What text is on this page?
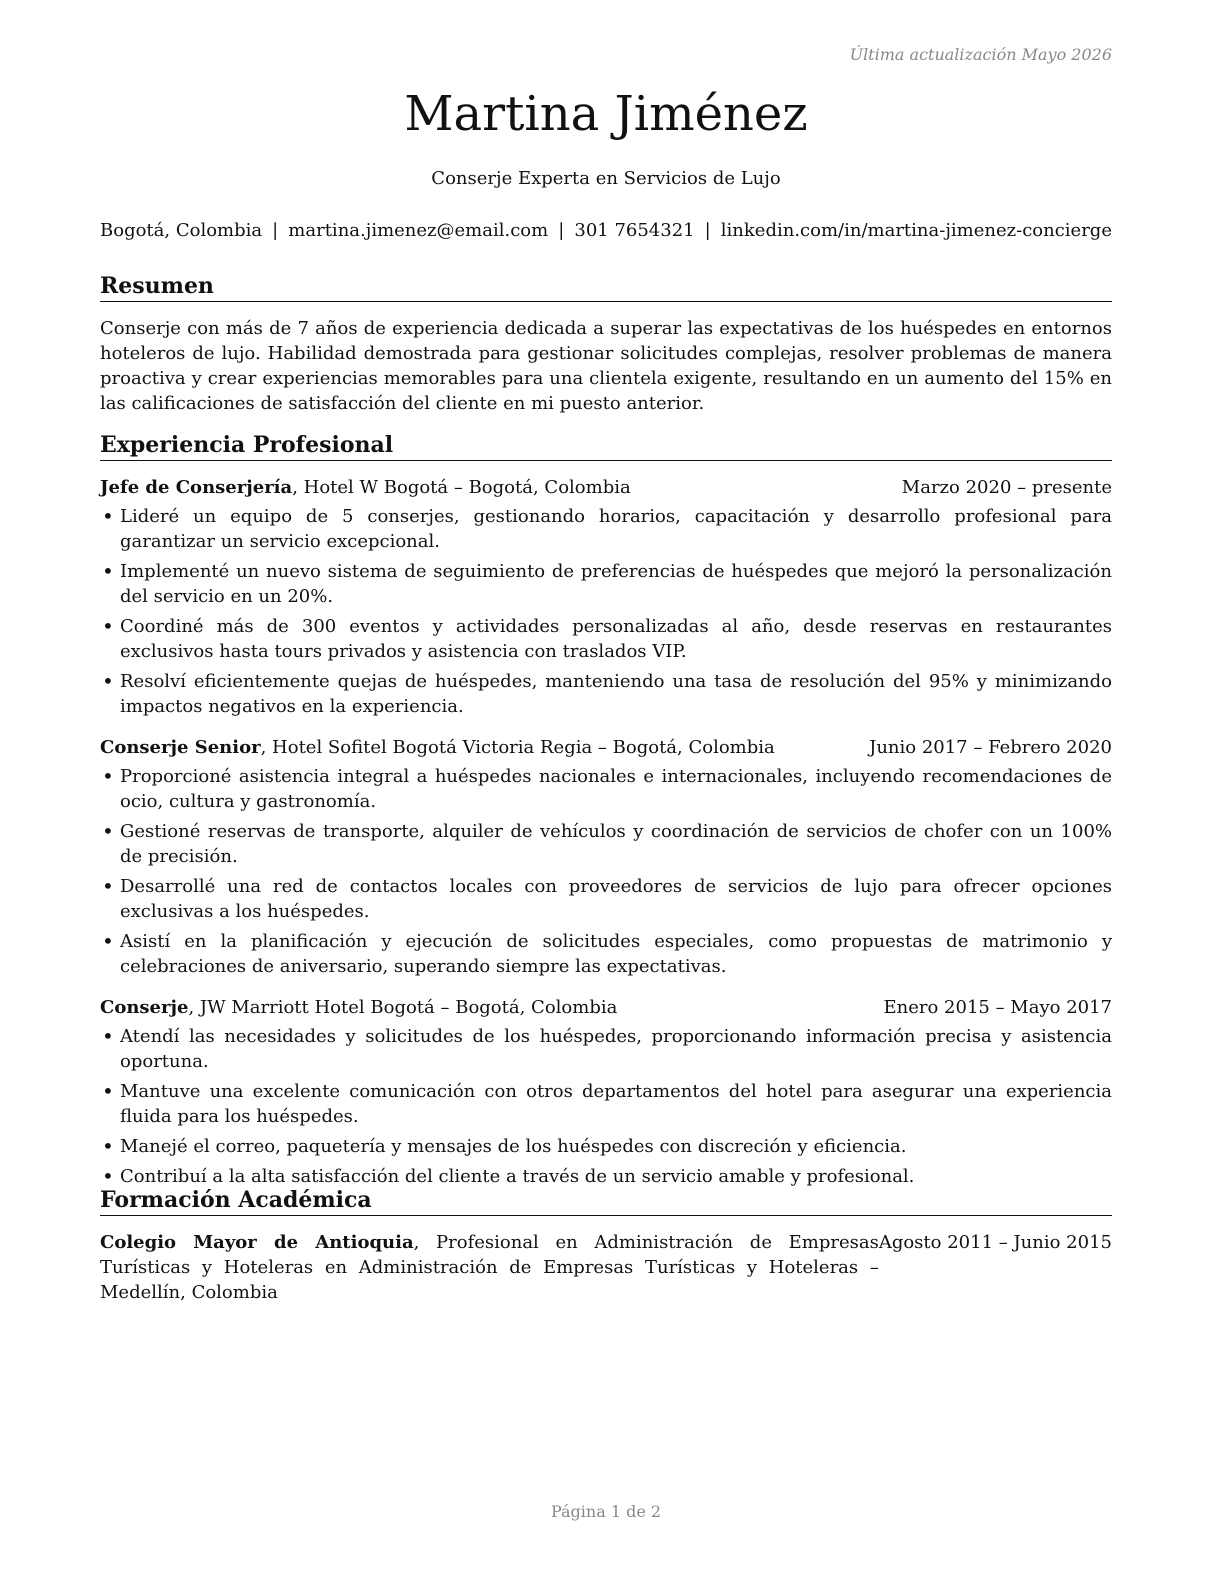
Última actualización Mayo 2026
Martina Jiménez
Conserje Experta en Servicios de Lujo
Bogotá, Colombia | martina.jimenez@email.com | 301 7654321 | linkedin.com/in/martina-jimenez-concierge
Resumen

Conserje con más de 7 años de experiencia dedicada a superar las expectativas de los huéspedes en entornos hoteleros de lujo. Habilidad demostrada para gestionar solicitudes complejas, resolver problemas de manera proactiva y crear experiencias memorables para una clientela exigente, resultando en un aumento del 15% en las calificaciones de satisfacción del cliente en mi puesto anterior.

Experiencia Profesional
Jefe de Conserjería, Hotel W Bogotá – Bogotá, Colombia	Marzo 2020 – presente
• Lideré un equipo de 5 conserjes, gestionando horarios, capacitación y desarrollo profesional para garantizar un servicio excepcional.
• Implementé un nuevo sistema de seguimiento de preferencias de huéspedes que mejoró la personalización del servicio en un 20%.
• Coordiné más de 300 eventos y actividades personalizadas al año, desde reservas en restaurantes exclusivos hasta tours privados y asistencia con traslados VIP.
• Resolví eficientemente quejas de huéspedes, manteniendo una tasa de resolución del 95% y minimizando impactos negativos en la experiencia.
Conserje Senior, Hotel Sofitel Bogotá Victoria Regia – Bogotá, Colombia	Junio 2017 – Febrero 2020
• Proporcioné asistencia integral a huéspedes nacionales e internacionales, incluyendo recomendaciones de ocio, cultura y gastronomía.
• Gestioné reservas de transporte, alquiler de vehículos y coordinación de servicios de chofer con un 100% de precisión.
• Desarrollé una red de contactos locales con proveedores de servicios de lujo para ofrecer opciones exclusivas a los huéspedes.
• Asistí en la planificación y ejecución de solicitudes especiales, como propuestas de matrimonio y celebraciones de aniversario, superando siempre las expectativas.
Conserje, JW Marriott Hotel Bogotá – Bogotá, Colombia	Enero 2015 – Mayo 2017
• Atendí las necesidades y solicitudes de los huéspedes, proporcionando información precisa y asistencia oportuna.
• Mantuve una excelente comunicación con otros departamentos del hotel para asegurar una experiencia fluida para los huéspedes.
• Manejé el correo, paquetería y mensajes de los huéspedes con discreción y eficiencia.
• Contribuí a la alta satisfacción del cliente a través de un servicio amable y profesional.
Formación Académica
Colegio Mayor de Antioquia, Profesional en Administración de Empresas Turísticas y Hoteleras en Administración de Empresas Turísticas y Hoteleras – Medellín, Colombia
Agosto 2011 – Junio 2015
Página 1 de 2
